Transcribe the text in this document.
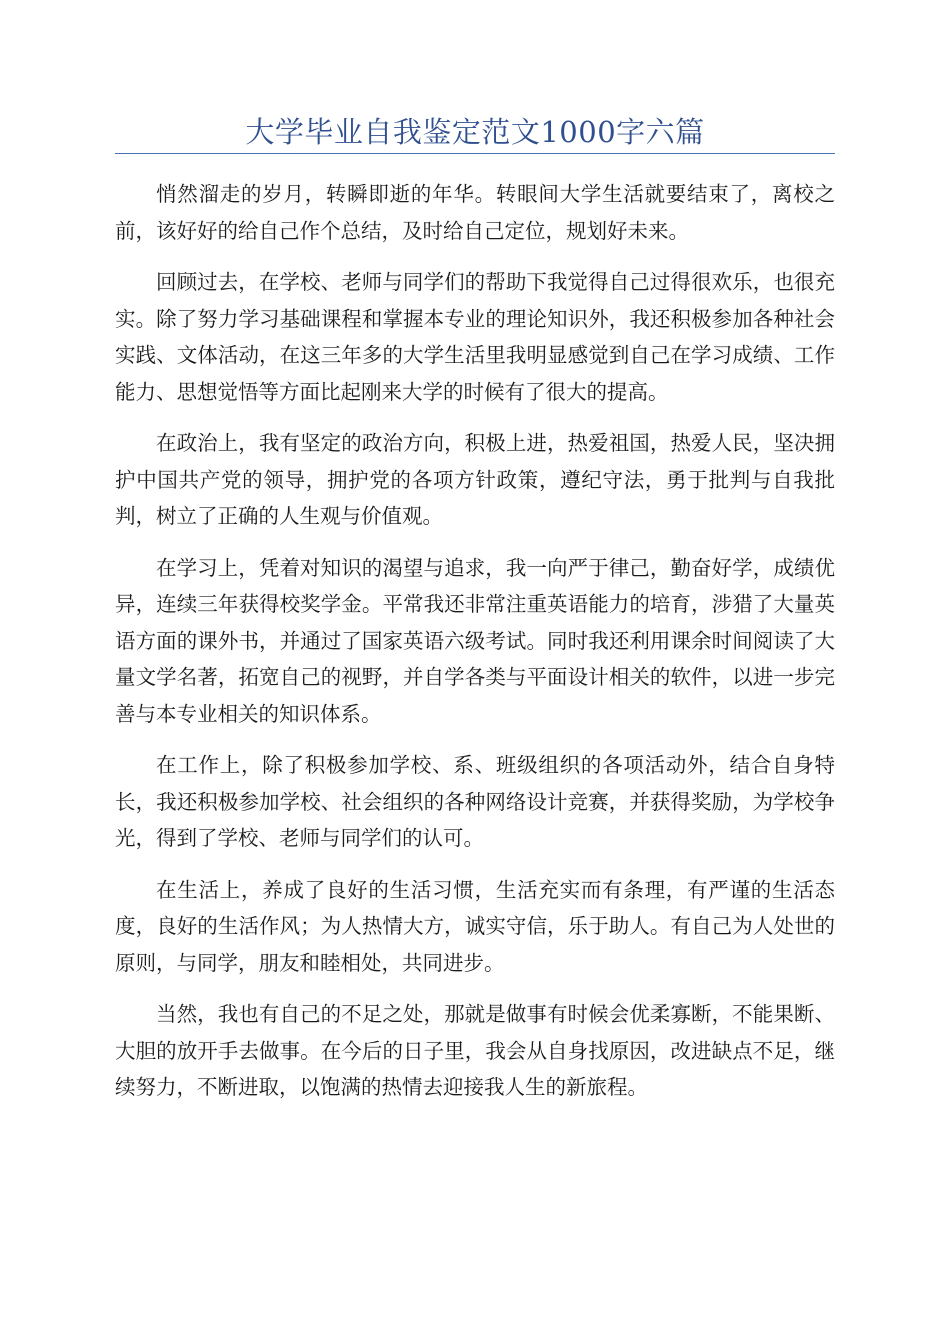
大学毕业自我鉴定范文1000字六篇

悄然溜走的岁月，转瞬即逝的年华。转眼间大学生活就要结束了，离校之前，该好好的给自己作个总结，及时给自己定位，规划好未来。

回顾过去，在学校、老师与同学们的帮助下我觉得自己过得很欢乐，也很充实。除了努力学习基础课程和掌握本专业的理论知识外，我还积极参加各种社会实践、文体活动，在这三年多的大学生活里我明显感觉到自己在学习成绩、工作能力、思想觉悟等方面比起刚来大学的时候有了很大的提高。

在政治上，我有坚定的政治方向，积极上进，热爱祖国，热爱人民，坚决拥护中国共产党的领导，拥护党的各项方针政策，遵纪守法，勇于批判与自我批判，树立了正确的人生观与价值观。

在学习上，凭着对知识的渴望与追求，我一向严于律己，勤奋好学，成绩优异，连续三年获得校奖学金。平常我还非常注重英语能力的培育，涉猎了大量英语方面的课外书，并通过了国家英语六级考试。同时我还利用课余时间阅读了大量文学名著，拓宽自己的视野，并自学各类与平面设计相关的软件，以进一步完善与本专业相关的知识体系。

在工作上，除了积极参加学校、系、班级组织的各项活动外，结合自身特长，我还积极参加学校、社会组织的各种网络设计竞赛，并获得奖励，为学校争光，得到了学校、老师与同学们的认可。

在生活上，养成了良好的生活习惯，生活充实而有条理，有严谨的生活态度，良好的生活作风；为人热情大方，诚实守信，乐于助人。有自己为人处世的原则，与同学，朋友和睦相处，共同进步。

当然，我也有自己的不足之处，那就是做事有时候会优柔寡断，不能果断、大胆的放开手去做事。在今后的日子里，我会从自身找原因，改进缺点不足，继续努力，不断进取，以饱满的热情去迎接我人生的新旅程。
